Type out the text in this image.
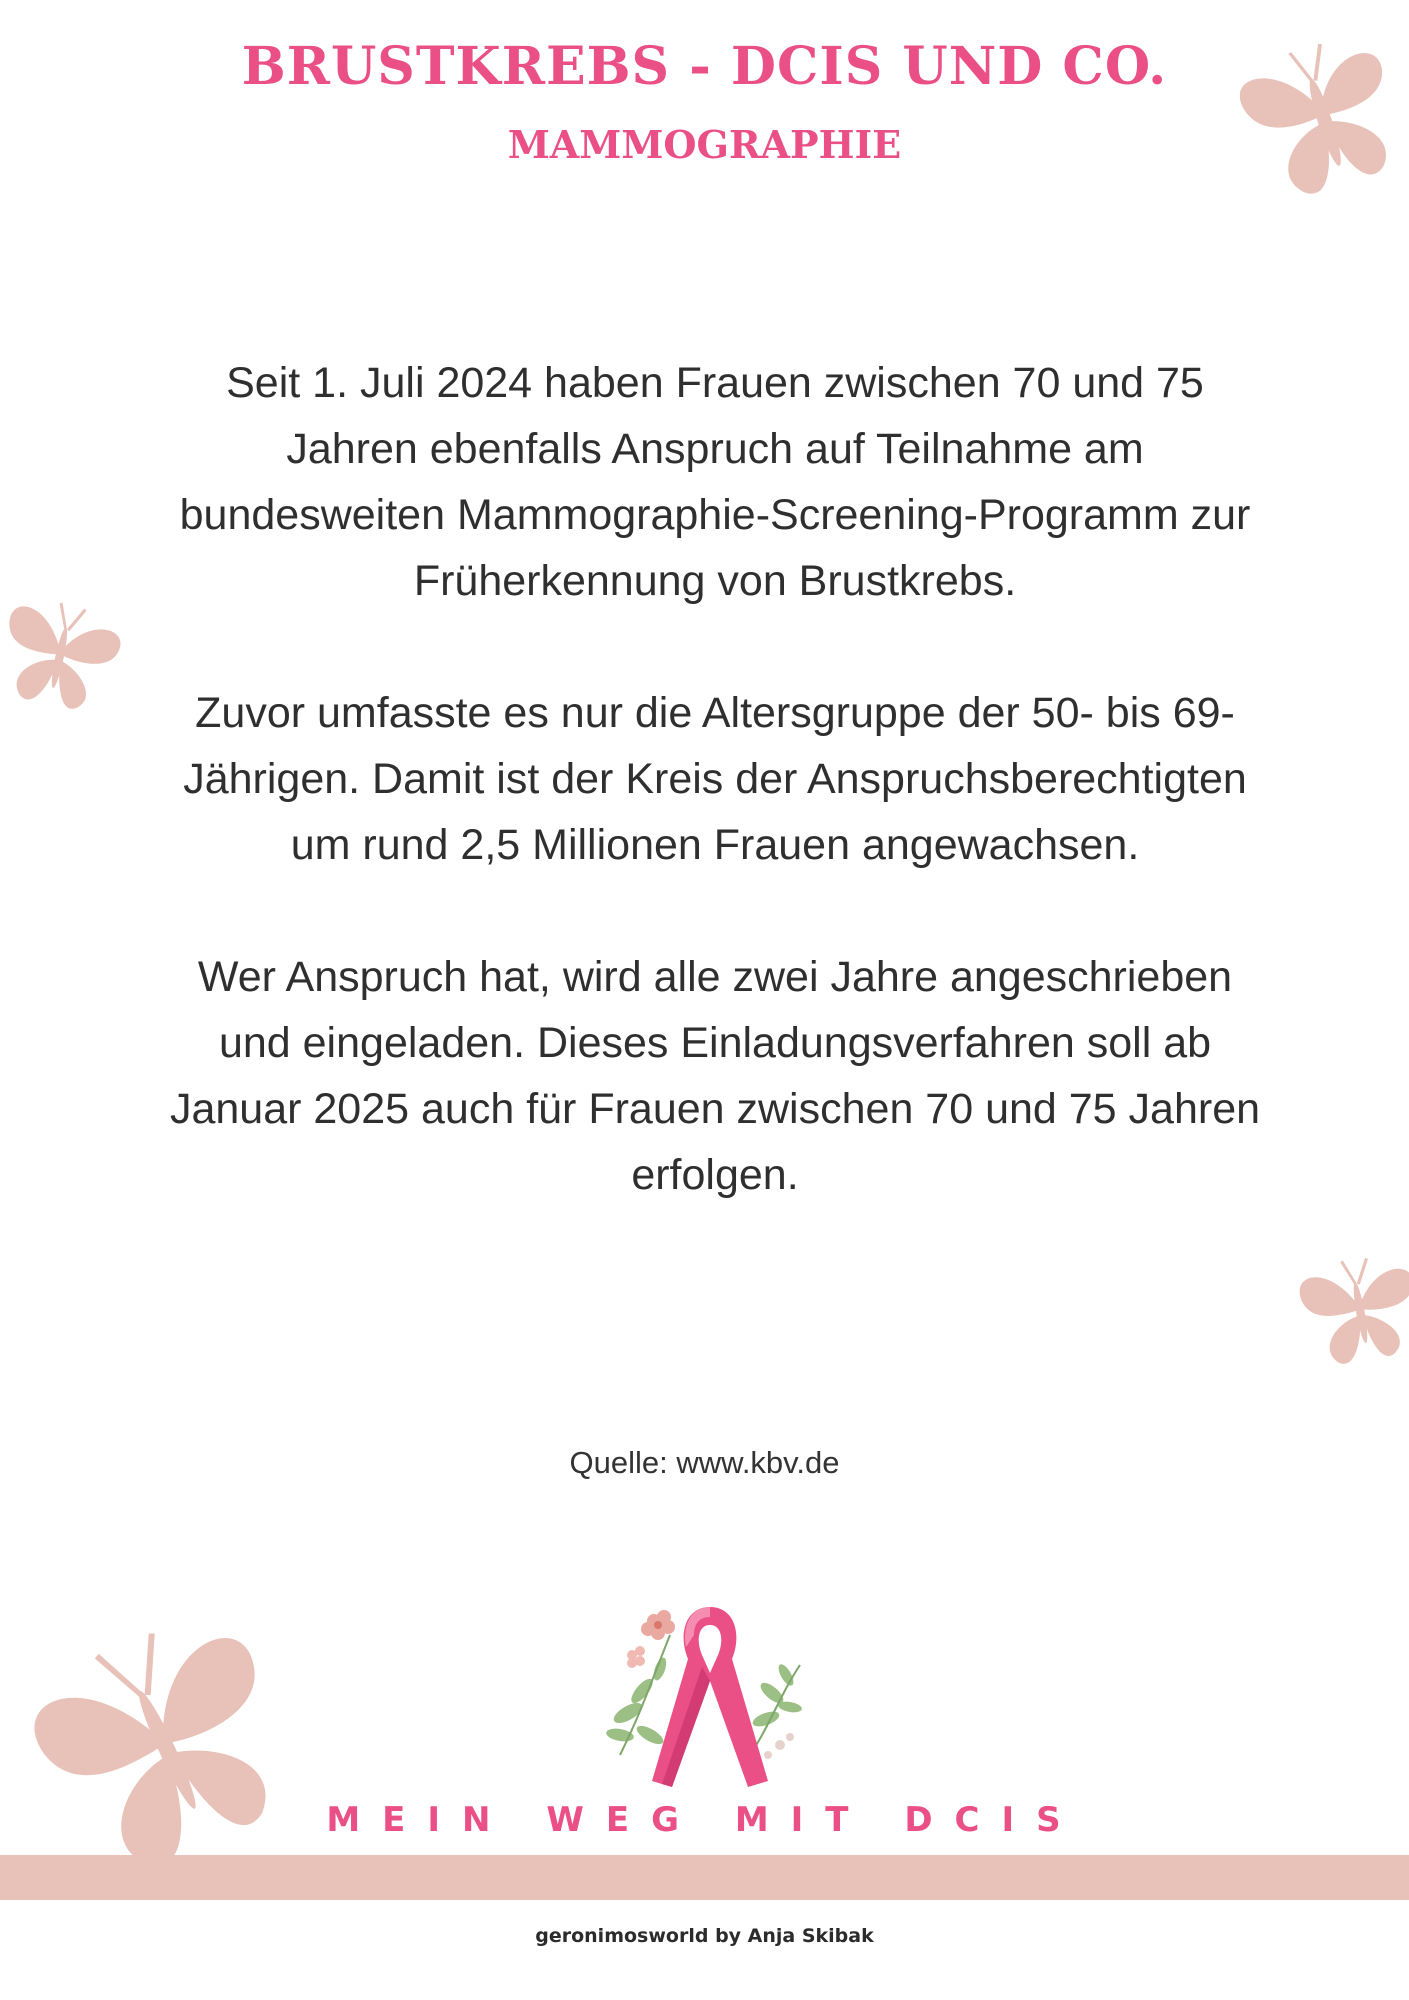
BRUSTKREBS - DCIS UND CO.
MAMMOGRAPHIE

Seit 1. Juli 2024 haben Frauen zwischen 70 und 75 Jahren ebenfalls Anspruch auf Teilnahme am bundesweiten Mammographie-Screening-Programm zur Früherkennung von Brustkrebs.

Zuvor umfasste es nur die Altersgruppe der 50- bis 69-Jährigen. Damit ist der Kreis der Anspruchsberechtigten um rund 2,5 Millionen Frauen angewachsen.

Wer Anspruch hat, wird alle zwei Jahre angeschrieben und eingeladen. Dieses Einladungsverfahren soll ab Januar 2025 auch für Frauen zwischen 70 und 75 Jahren erfolgen.

Quelle: www.kbv.de
MEIN WEG MIT DCIS
geronimosworld by Anja Skibak
